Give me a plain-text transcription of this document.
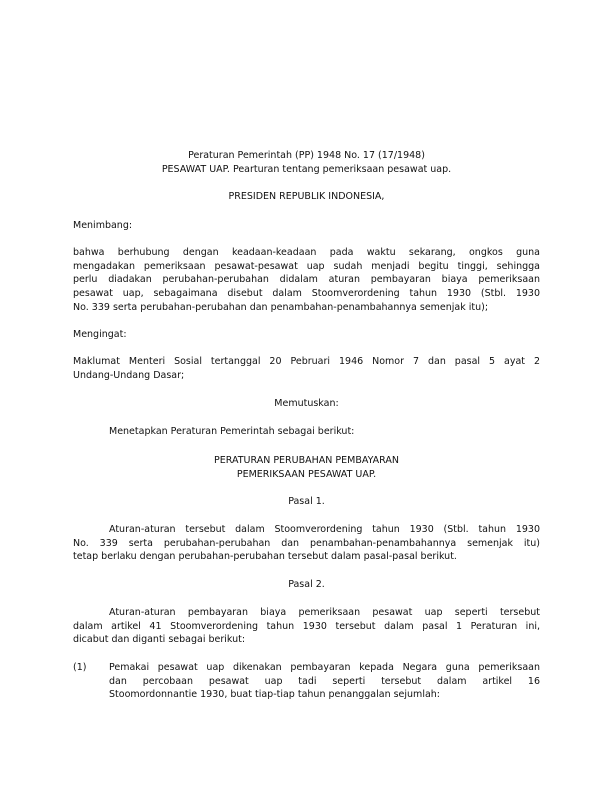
Peraturan Pemerintah (PP) 1948 No. 17 (17/1948)
PESAWAT UAP. Pearturan tentang pemeriksaan pesawat uap.
PRESIDEN REPUBLIK INDONESIA,
Menimbang:
bahwa berhubung dengan keadaan-keadaan pada waktu sekarang, ongkos guna
mengadakan pemeriksaan pesawat-pesawat uap sudah menjadi begitu tinggi, sehingga
perlu diadakan perubahan-perubahan didalam aturan pembayaran biaya pemeriksaan
pesawat uap, sebagaimana disebut dalam Stoomverordening tahun 1930 (Stbl. 1930
No. 339 serta perubahan-perubahan dan penambahan-penambahannya semenjak itu);
Mengingat:
Maklumat Menteri Sosial tertanggal 20 Pebruari 1946 Nomor 7 dan pasal 5 ayat 2
Undang-Undang Dasar;
Memutuskan:
Menetapkan Peraturan Pemerintah sebagai berikut:
PERATURAN PERUBAHAN PEMBAYARAN
PEMERIKSAAN PESAWAT UAP.
Pasal 1.
Aturan-aturan tersebut dalam Stoomverordening tahun 1930 (Stbl. tahun 1930
No. 339 serta perubahan-perubahan dan penambahan-penambahannya semenjak itu)
tetap berlaku dengan perubahan-perubahan tersebut dalam pasal-pasal berikut.
Pasal 2.
Aturan-aturan pembayaran biaya pemeriksaan pesawat uap seperti tersebut
dalam artikel 41 Stoomverordening tahun 1930 tersebut dalam pasal 1 Peraturan ini,
dicabut dan diganti sebagai berikut:
(1) Pemakai pesawat uap dikenakan pembayaran kepada Negara guna pemeriksaan
dan percobaan pesawat uap tadi seperti tersebut dalam artikel 16
Stoomordonnantie 1930, buat tiap-tiap tahun penanggalan sejumlah:
